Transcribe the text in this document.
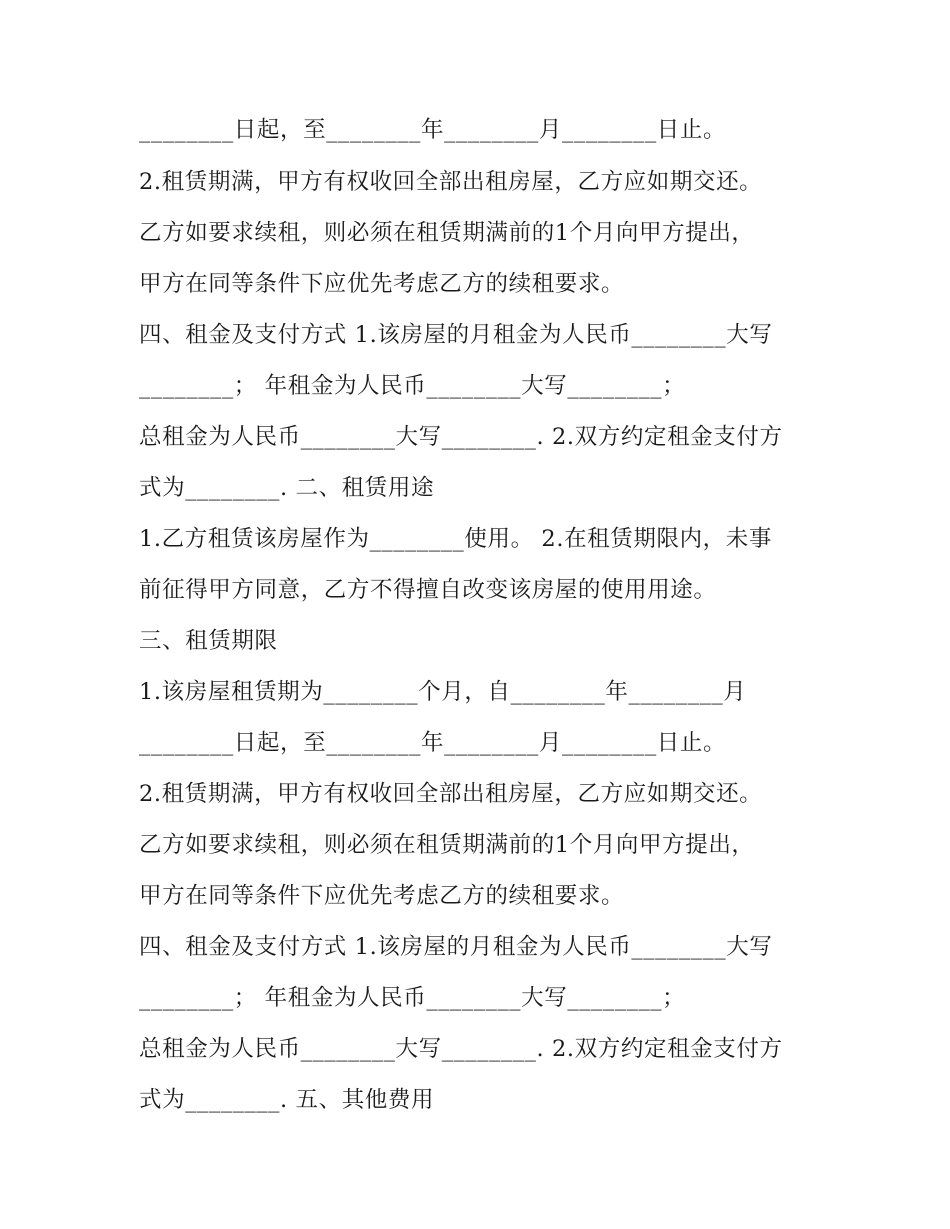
________日起，至________年________月________日止。
2.租赁期满，甲方有权收回全部出租房屋，乙方应如期交还。
乙方如要求续租，则必须在租赁期满前的1个月向甲方提出，
甲方在同等条件下应优先考虑乙方的续租要求。
四、租金及支付方式 1.该房屋的月租金为人民币________大写
________； 年租金为人民币________大写________；
总租金为人民币________大写________. 2.双方约定租金支付方
式为________. 二、租赁用途
1.乙方租赁该房屋作为________使用。 2.在租赁期限内，未事
前征得甲方同意，乙方不得擅自改变该房屋的使用用途。
三、租赁期限
1.该房屋租赁期为________个月，自________年________月
________日起，至________年________月________日止。
2.租赁期满，甲方有权收回全部出租房屋，乙方应如期交还。
乙方如要求续租，则必须在租赁期满前的1个月向甲方提出，
甲方在同等条件下应优先考虑乙方的续租要求。
四、租金及支付方式 1.该房屋的月租金为人民币________大写
________； 年租金为人民币________大写________；
总租金为人民币________大写________. 2.双方约定租金支付方
式为________. 五、其他费用
